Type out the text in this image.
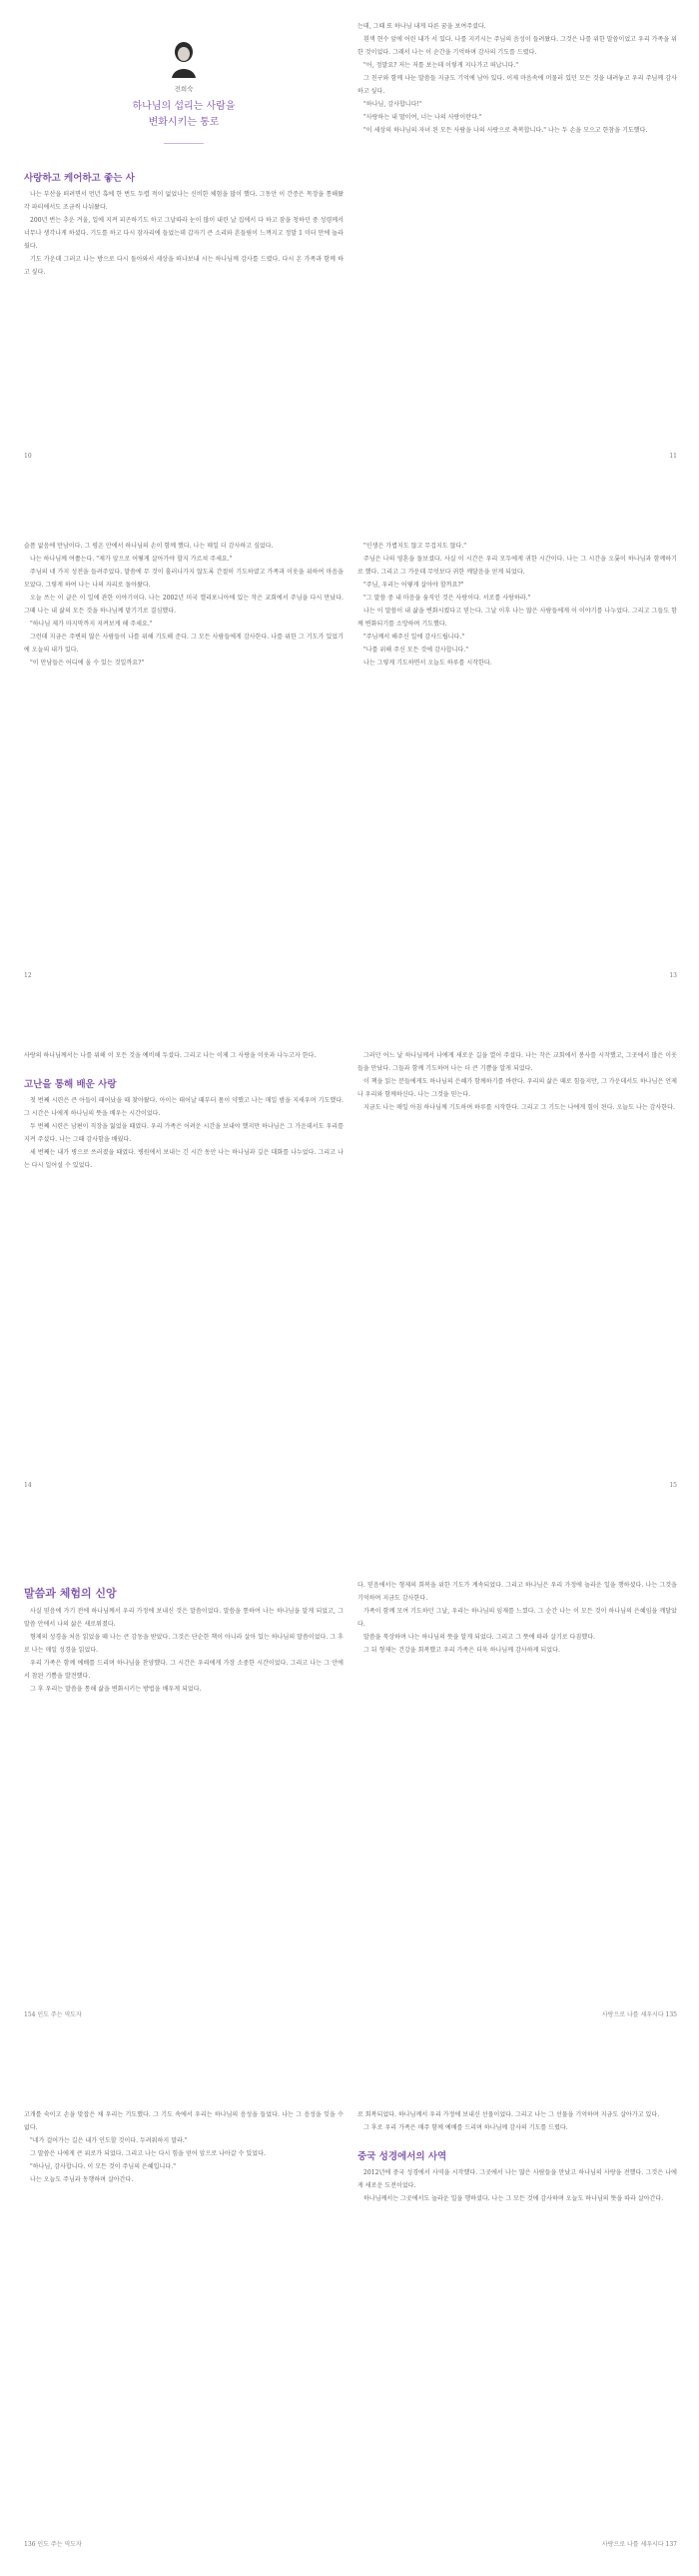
전희숙
하나님의 섭리는 사람을
변화시키는 통로
사랑하고 케어하고 좋는 사

나는 부산을 떠려면서 먼년 혹에 한 번도 두렵 적이 없었나는 신비한 체험을 많이 했다. 그동안 이 간증은 목장을 통해왔 각 파티에서도 조금씩 나눠왔다.

200년 번는 추운 겨울, 일에 지켜 피곤하기도 하고 그날따라 눈이 많이 내린 날 집에서 다 하고 잠을 청하던 중 성령께서 너무나 생각나게 하셨다. 기도를 하고 다시 잠자리에 들었는데 갑자기 큰 소리와 흔들림이 느껴지고 정말 1 미터 만에 놀라웠다.

기도 가운데 그러고 나는 방으로 다시 돌아와서 세상을 떠나보내 시는 하나님께 감사를 드렸다. 다시 온 가족과 함께 하고 싶다.

10

는데, 그때 또 하나님 내게 다른 꿈을 보여주셨다.

흰색 현수 앞에 어린 내가 서 있다. 나를 지키시는 주님의 음성이 들려왔다. 그것은 나를 위한 말씀이었고 우리 가족을 위한 것이었다. 그래서 나는 이 순간을 기억하며 감사의 기도를 드렸다.

"어, 정말요? 저는 저를 보는데 이렇게 지나가고 떠납니다."

그 친구와 함께 나눈 말씀들 지금도 기억에 남아 있다. 이제 마음속에 머물러 있던 모든 것을 내려놓고 우리 주님께 감사하고 싶다.

"하나님, 감사합니다!"

"사랑하는 내 딸이여, 너는 나의 사랑이란다."

"이 세상의 하나님의 자녀 된 모든 사람을 나의 사랑으로 축복합니다." 나는 두 손을 모으고 한참을 기도했다.

11

슬픔 없음에 만남이다. 그 평온 안에서 하나님의 손이 함께 했다. 나는 매일 더 감사하고 싶었다.

나는 하나님께 여쭙는다. "제가 앞으로 어떻게 살아가야 할지 가르쳐 주세요."

주님의 네 가지 성전을 들려주었다. 말씀에 무 것이 흘러나가지 않도록 간절히 기도하였고 가족과 이웃을 위하여 마음을 모았다. 그렇게 하여 나는 나의 자리로 돌아왔다.

오늘 쓰는 이 글은 이 일에 관한 이야기이다. 나는 2002년 미국 캘리포니아에 있는 작은 교회에서 주님을 다시 만났다. 그때 나는 내 삶의 모든 것을 하나님께 맡기기로 결심했다.

"하나님 제가 마지막까지 지켜보게 해 주세요."

그런데 지금은 주변의 많은 사람들이 나를 위해 기도해 준다. 그 모든 사람들에게 감사한다. 나를 위한 그 기도가 있었기에 오늘의 내가 있다.

"이 만남들은 어디에 올 수 있는 것일까요?"

12

"인생은 가볍지도 않고 무겁지도 않다."

주님은 나의 영혼을 돌보셨다. 사실 이 시간은 우리 모두에게 귀한 시간이다. 나는 그 시간을 오롯이 하나님과 함께하기로 했다. 그리고 그 가운데 무엇보다 귀한 깨달음을 얻게 되었다.

"주님, 우리는 어떻게 살아야 할까요?"

"그 말씀 중 내 마음을 움직인 것은 사랑이다. 서로를 사랑하라."

나는 이 말씀이 내 삶을 변화시켰다고 믿는다. 그날 이후 나는 많은 사람들에게 이 이야기를 나누었다. 그리고 그들도 함께 변화되기를 소망하며 기도했다.

"주님께서 해주신 일에 감사드립니다."

"나를 위해 주신 모든 것에 감사합니다."

나는 그렇게 기도하면서 오늘도 하루를 시작한다.

13

사랑의 하나님께서는 나를 위해 이 모든 것을 예비해 두셨다. 그리고 나는 이제 그 사랑을 이웃과 나누고자 한다.

고난을 통해 배운 사랑

첫 번째 시련은 큰 아들이 태어났을 때 찾아왔다. 아이는 태어날 때부터 몸이 약했고 나는 매일 밤을 지새우며 기도했다. 그 시간은 나에게 하나님의 뜻을 배우는 시간이었다.

두 번째 시련은 남편이 직장을 잃었을 때였다. 우리 가족은 어려운 시간을 보내야 했지만 하나님은 그 가운데서도 우리를 지켜 주셨다. 나는 그때 감사함을 배웠다.

세 번째는 내가 병으로 쓰러졌을 때였다. 병원에서 보내는 긴 시간 동안 나는 하나님과 깊은 대화를 나누었다. 그리고 나는 다시 일어설 수 있었다.

14

그러던 어느 날 하나님께서 나에게 새로운 길을 열어 주셨다. 나는 작은 교회에서 봉사를 시작했고, 그곳에서 많은 이웃들을 만났다. 그들과 함께 기도하며 나는 더 큰 기쁨을 알게 되었다.

이 책을 읽는 분들에게도 하나님의 은혜가 함께하기를 바란다. 우리의 삶은 때로 힘들지만, 그 가운데서도 하나님은 언제나 우리와 함께하신다. 나는 그것을 믿는다.

지금도 나는 매일 아침 하나님께 기도하며 하루를 시작한다. 그리고 그 기도는 나에게 힘이 된다. 오늘도 나는 감사한다.

15
말씀과 체험의 신앙

사실 믿음에 가기 전에 하나님께서 우리 가정에 보내신 것은 말씀이었다. 말씀을 통하여 나는 하나님을 알게 되었고, 그 말씀 안에서 나의 삶은 새로워졌다.

형제의 성경을 처음 읽었을 때 나는 큰 감동을 받았다. 그것은 단순한 책이 아니라 살아 있는 하나님의 말씀이었다. 그 후로 나는 매일 성경을 읽었다.

우리 가족은 함께 예배를 드리며 하나님을 찬양했다. 그 시간은 우리에게 가장 소중한 시간이었다. 그리고 나는 그 안에서 참된 기쁨을 발견했다.

그 후 우리는 말씀을 통해 삶을 변화시키는 방법을 배우게 되었다.

154 인도 주는 역도자

다. 믿음에서는 형제의 회복을 위한 기도가 계속되었다. 그리고 하나님은 우리 가정에 놀라운 일을 행하셨다. 나는 그것을 기억하며 지금도 감사한다.

가족이 함께 모여 기도하던 그날, 우리는 하나님의 임재를 느꼈다. 그 순간 나는 이 모든 것이 하나님의 은혜임을 깨달았다.

말씀을 묵상하며 나는 하나님의 뜻을 알게 되었다. 그리고 그 뜻에 따라 살기로 다짐했다.

그 뒤 형제는 건강을 회복했고 우리 가족은 더욱 하나님께 감사하게 되었다.

사랑으로 나를 세우시다 135

고개를 숙이고 손을 맞잡은 채 우리는 기도했다. 그 기도 속에서 우리는 하나님의 음성을 들었다. 나는 그 음성을 잊을 수 없다.

"네가 걸어가는 길은 내가 인도할 것이다. 두려워하지 말라."

그 말씀은 나에게 큰 위로가 되었다. 그리고 나는 다시 힘을 얻어 앞으로 나아갈 수 있었다.

"하나님, 감사합니다. 이 모든 것이 주님의 은혜입니다."

나는 오늘도 주님과 동행하며 살아간다.

136 인도 주는 역도자

로 회복되었다. 하나님께서 우리 가정에 보내신 선물이었다. 그리고 나는 그 선물을 기억하며 지금도 살아가고 있다.

그 후로 우리 가족은 매주 함께 예배를 드리며 하나님께 감사의 기도를 드렸다.

중국 성경에서의 사역

2012년에 중국 성경에서 사역을 시작했다. 그곳에서 나는 많은 사람들을 만났고 하나님의 사랑을 전했다. 그것은 나에게 새로운 도전이었다.

하나님께서는 그곳에서도 놀라운 일을 행하셨다. 나는 그 모든 것에 감사하며 오늘도 하나님의 뜻을 따라 살아간다.

사랑으로 나를 세우시다 137
